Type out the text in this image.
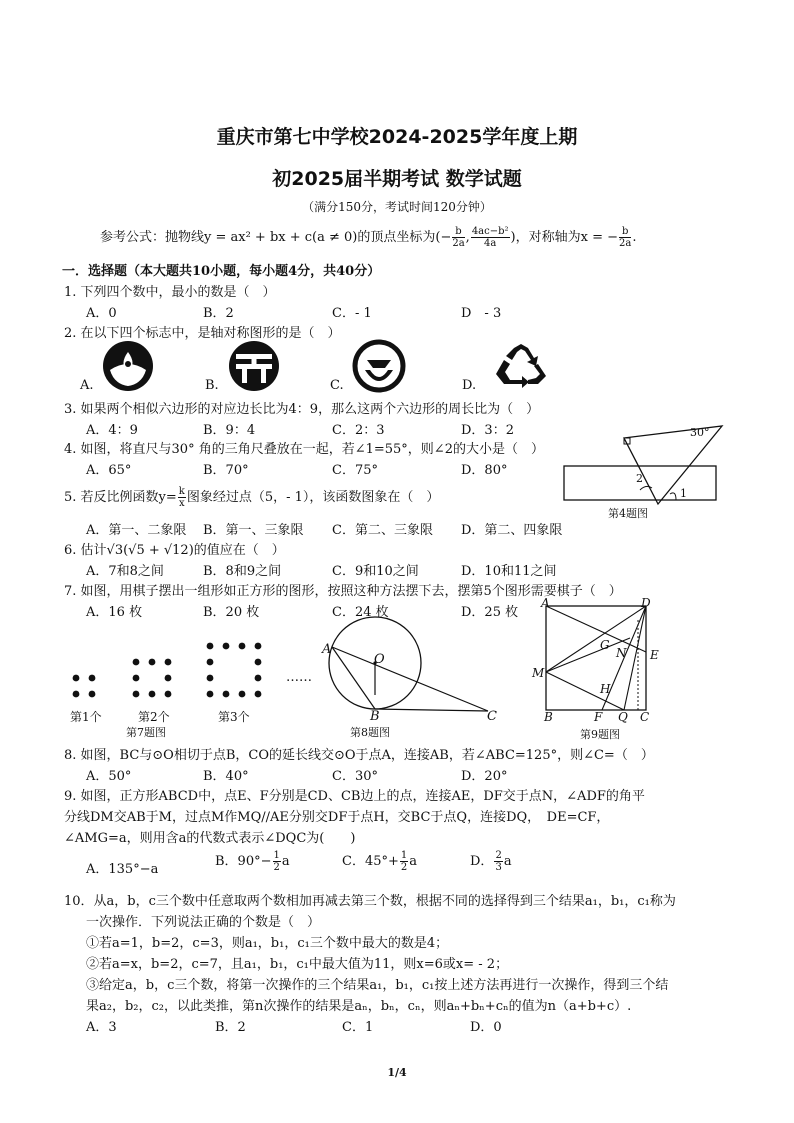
重庆市第七中学校2024-2025学年度上期
初2025届半期考试 数学试题
（满分150分，考试时间120分钟）
参考公式：抛物线y = ax² + bx + c(a ≠ 0)的顶点坐标为(− $\frac{b}{2a}$ , $\frac{\text{4ac−b²}}{4a}$ )，对称轴为x = − $\frac{b}{2a}$ .
一．选择题（本大题共10小题，每小题4分，共40分）
1. 下列四个数中，最小的数是（　）
A．0	B．2	C．- 1	D　- 3
2. 在以下四个标志中，是轴对称图形的是（　）
A.	B.	C.	D.
3. 如果两个相似六边形的对应边长比为4：9，那么这两个六边形的周长比为（　）
A．4：9	B．9：4	C．2：3	D．3：2
4. 如图，将直尺与30° 角的三角尺叠放在一起，若∠1=55°，则∠2的大小是（　）
A．65°	B．70°	C．75°	D．80°
30°
2
1
第4题图
5. 若反比例函数$y= \frac{k}{x}$ 图象经过点（5，- 1），该函数图象在（　）
A．第一、二象限 B．第一、三象限 C．第二、三象限 D．第二、四象限
6. 估计√3(√5 + √12)的值应在（　）
A．7和8之间	B．8和9之间	C．9和10之间	D．10和11之间
7. 如图，用棋子摆出一组形如正方形的图形，按照这种方法摆下去，摆第5个图形需要棋子（　）
A．16 枚	B．20 枚	C．24 枚	D．25 枚
……
第1个	第2个	第3个
第7题图
A
O
B	C
第8题图
A	D
G
N E
M
H
B	F Q C
第9题图
8. 如图，BC与⊙O相切于点B，CO的延长线交⊙O于点A，连接AB，若∠ABC=125°，则∠C=（　）
A．50°	B．40°	C．30°	D．20°
9. 如图，正方形ABCD中，点E、F分别是CD、CB边上的点，连接AE，DF交于点N，∠ADF的角平
分线DM交AB于M，过点M作MQ//AE分别交DF于点H，交BC于点Q，连接DQ，　DE=CF，
∠AMG=a，则用含a的代数式表示∠DQC为(　　)
A．135°−a
B．$90^\circ- \frac{1}{2}$ a	C．$45^\circ+ \frac{1}{2}$ a	D． $\frac{2}{3}$ a
10．从a，b，c三个数中任意取两个数相加再减去第三个数，根据不同的选择得到三个结果a₁，b₁，c₁称为
一次操作．下列说法正确的个数是（　）
①若a=1，b=2，c=3，则a₁，b₁，c₁三个数中最大的数是4；
②若a=x，b=2，c=7，且a₁，b₁，c₁中最大值为11，则x=6或x= - 2；
③给定a，b，c三个数，将第一次操作的三个结果a₁，b₁，c₁按上述方法再进行一次操作，得到三个结
果a₂，b₂，c₂，以此类推，第n次操作的结果是aₙ，bₙ，cₙ，则aₙ+bₙ+cₙ的值为n（a+b+c）.
A．3	B．2	C．1	D．0
1/4
